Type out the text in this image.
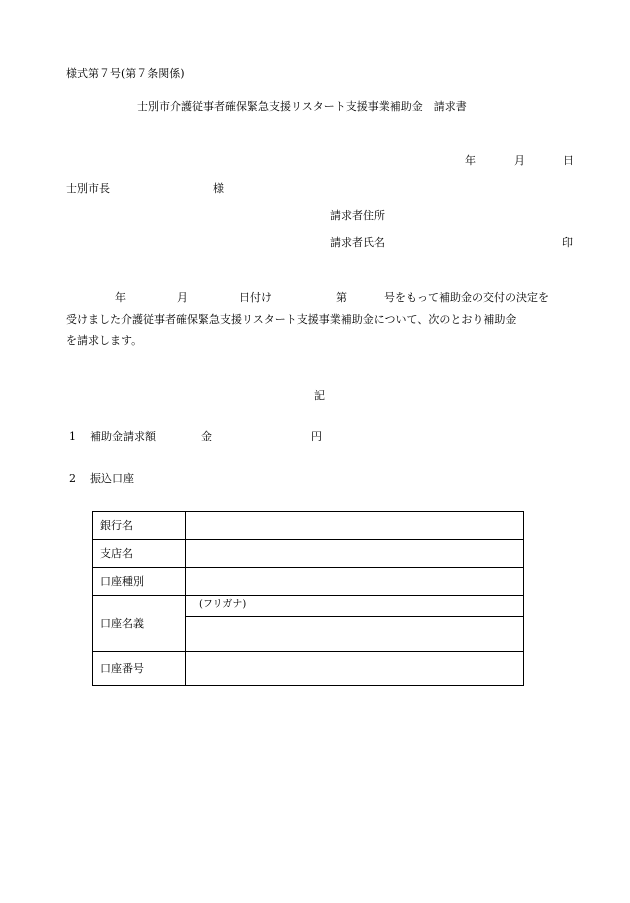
様式第７号(第７条関係)
士別市介護従事者確保緊急支援リスタート支援事業補助金　請求書
年	月	日
士別市長	様
請求者住所
請求者氏名	印
年	月	日付け	第	号をもって補助金の交付の決定を
受けました介護従事者確保緊急支援リスタート支援事業補助金について、次のとおり補助金
を請求します。
記
1 補助金請求額	金	円
2 振込口座
銀行名	
支店名	
口座種別	
口座名義	(フリガナ)

口座番号	
